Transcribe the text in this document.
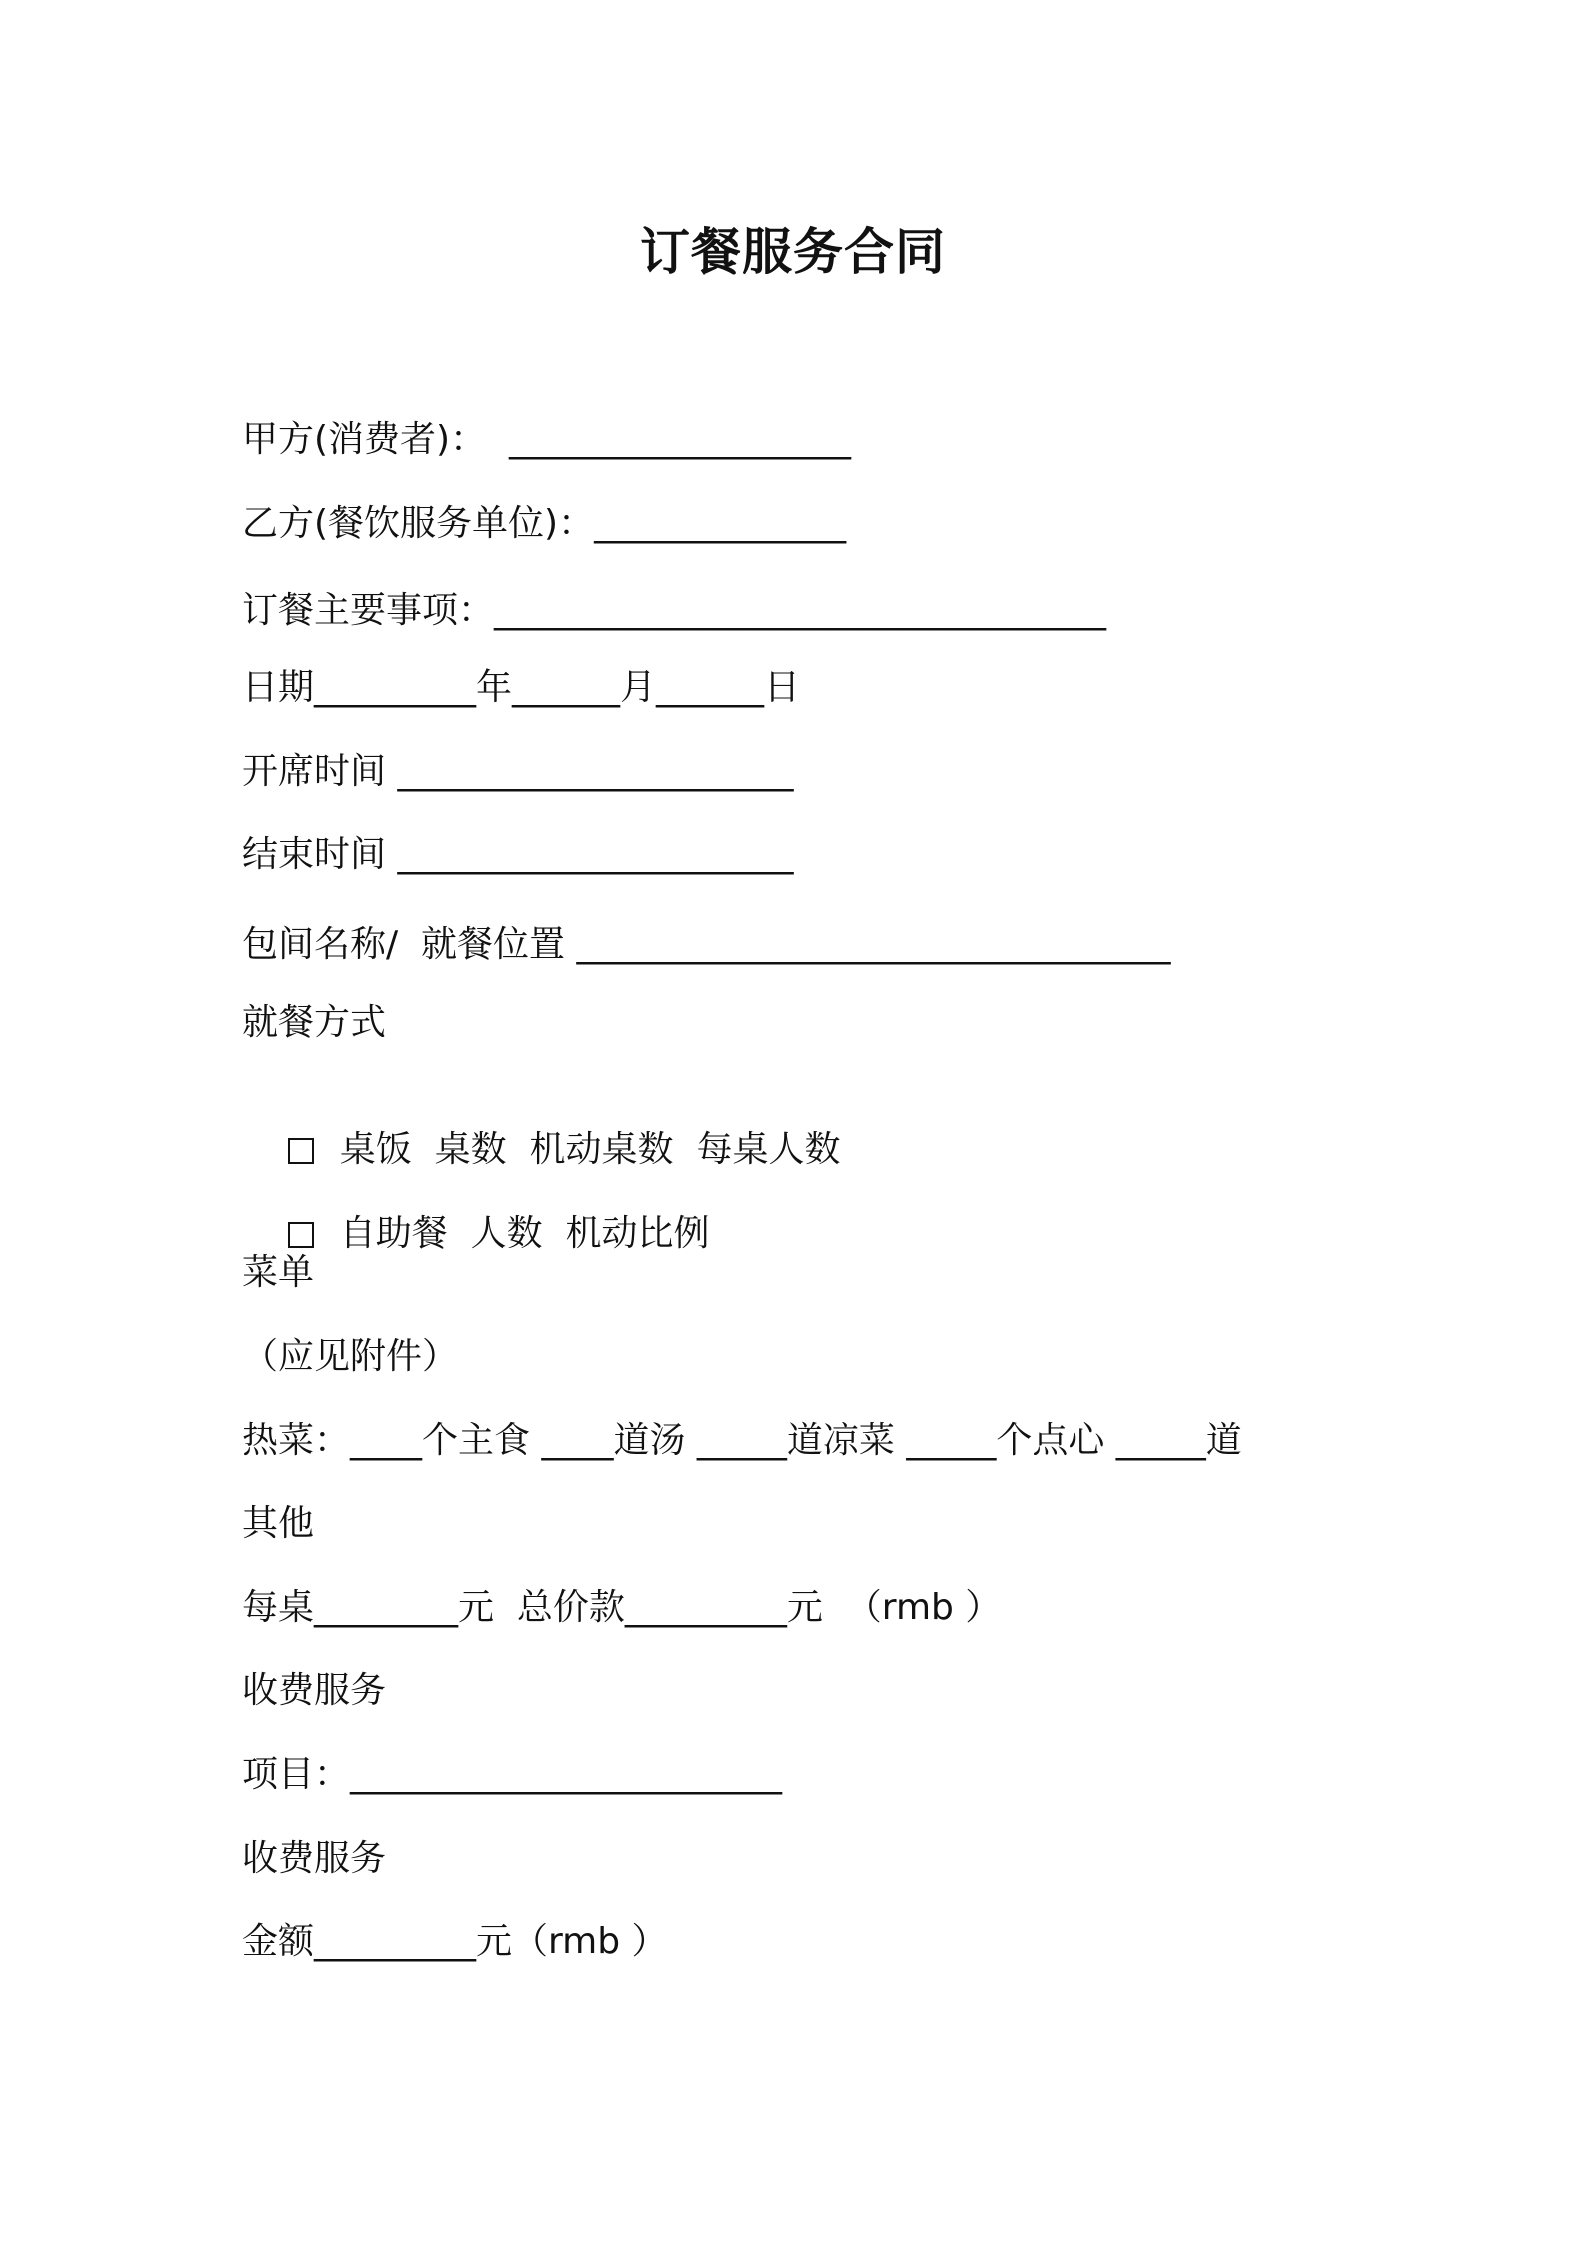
订餐服务合同
甲方(消费者)：  ___________________
乙方(餐饮服务单位)：______________
订餐主要事项：__________________________________
日期_________年______月______日
开席时间 ______________________
结束时间 ______________________
包间名称/  就餐位置 _________________________________
就餐方式

桌饭  桌数  机动桌数  每桌人数

自助餐  人数  机动比例

菜单
（应见附件）
热菜：____个主食 ____道汤 _____道凉菜 _____个点心 _____道
其他
每桌________元  总价款_________元  （rmb ）
收费服务
项目：________________________
收费服务
金额_________元（rmb ）
